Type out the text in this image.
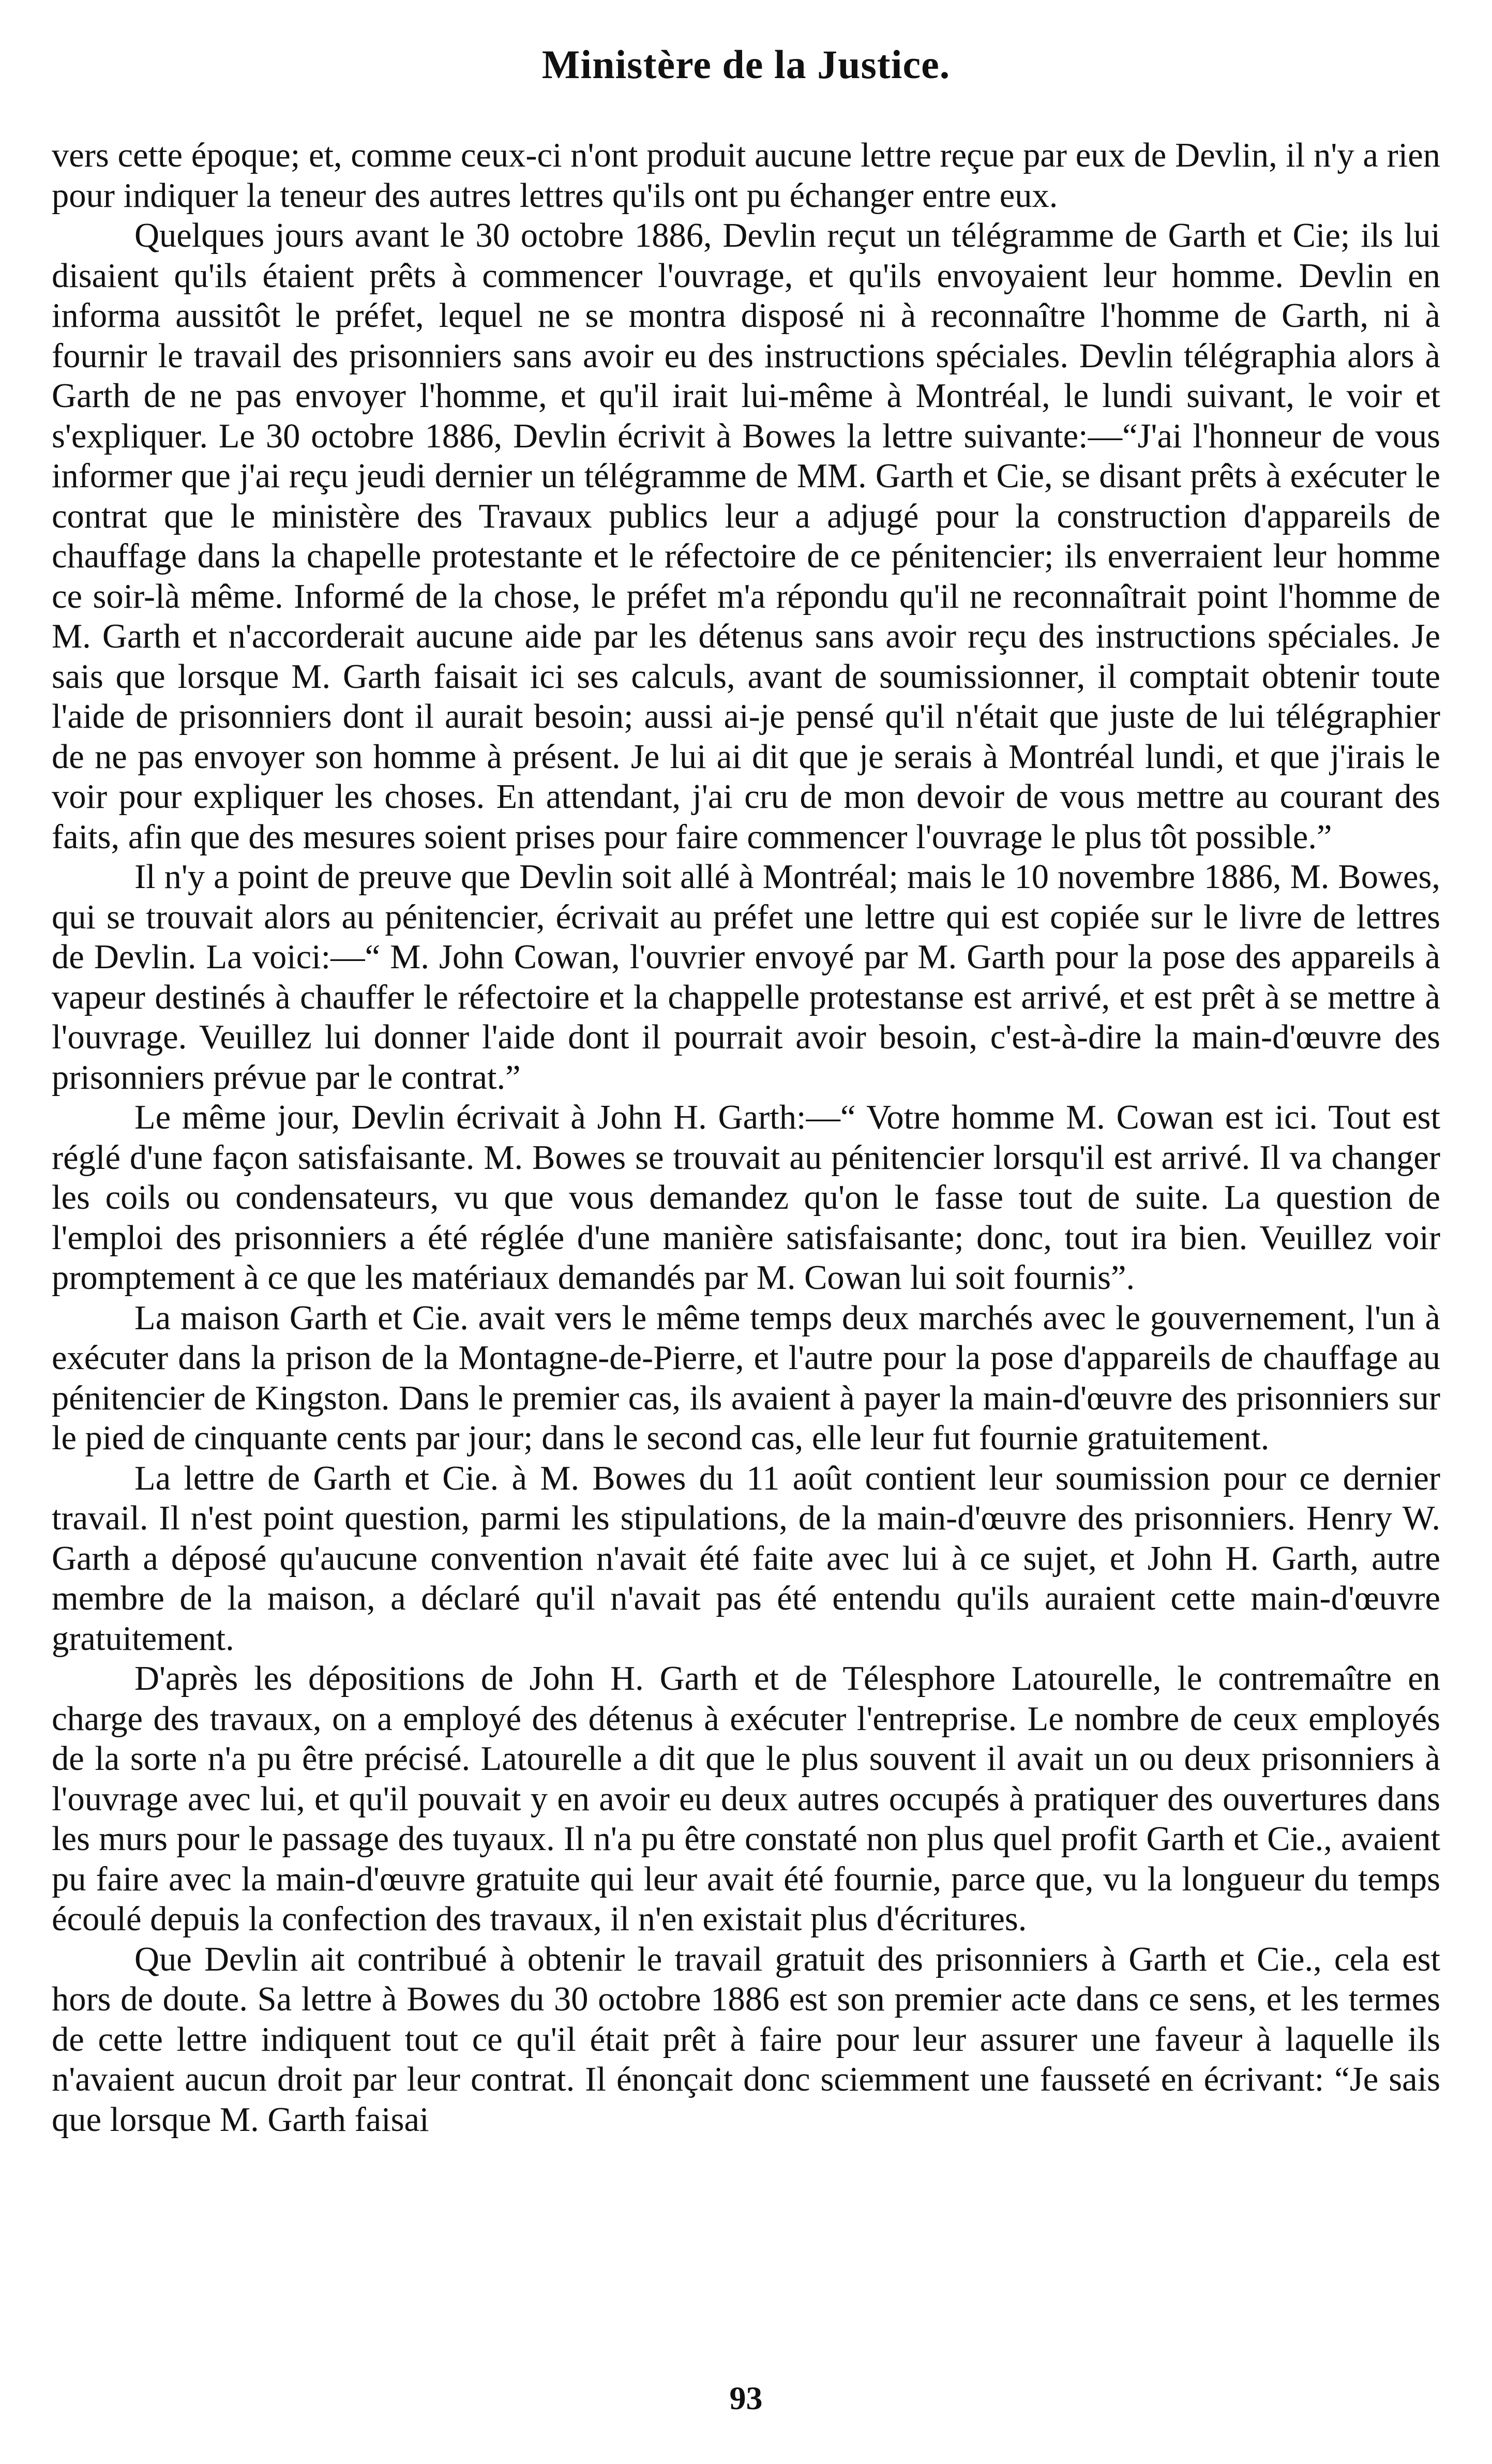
Ministère de la Justice.

vers cette époque; et, comme ceux-ci n'ont produit aucune lettre reçue par eux de Devlin, il n'y a rien pour indiquer la teneur des autres lettres qu'ils ont pu échanger entre eux.

Quelques jours avant le 30 octobre 1886, Devlin reçut un télégramme de Garth et Cie; ils lui disaient qu'ils étaient prêts à commencer l'ouvrage, et qu'ils envoyaient leur homme. Devlin en informa aussitôt le préfet, lequel ne se montra disposé ni à reconnaître l'homme de Garth, ni à fournir le travail des prisonniers sans avoir eu des instructions spéciales. Devlin télégraphia alors à Garth de ne pas envoyer l'homme, et qu'il irait lui-même à Montréal, le lundi suivant, le voir et s'expliquer. Le 30 octobre 1886, Devlin écrivit à Bowes la lettre suivante:—“J'ai l'honneur de vous informer que j'ai reçu jeudi dernier un télégramme de MM. Garth et Cie, se disant prêts à exécuter le contrat que le ministère des Travaux publics leur a adjugé pour la construction d'appareils de chauffage dans la chapelle protestante et le réfectoire de ce pénitencier; ils enverraient leur homme ce soir-là même. Informé de la chose, le préfet m'a répondu qu'il ne reconnaîtrait point l'homme de M. Garth et n'accorderait aucune aide par les détenus sans avoir reçu des instructions spéciales. Je sais que lorsque M. Garth faisait ici ses calculs, avant de soumissionner, il comptait obtenir toute l'aide de prisonniers dont il aurait besoin; aussi ai-je pensé qu'il n'était que juste de lui télégraphier de ne pas envoyer son homme à présent. Je lui ai dit que je serais à Montréal lundi, et que j'irais le voir pour expliquer les choses. En attendant, j'ai cru de mon devoir de vous mettre au courant des faits, afin que des mesures soient prises pour faire commencer l'ouvrage le plus tôt possible.”

Il n'y a point de preuve que Devlin soit allé à Montréal; mais le 10 novembre 1886, M. Bowes, qui se trouvait alors au pénitencier, écrivait au préfet une lettre qui est copiée sur le livre de lettres de Devlin. La voici:—“ M. John Cowan, l'ouvrier envoyé par M. Garth pour la pose des appareils à vapeur destinés à chauffer le réfectoire et la chappelle protestanse est arrivé, et est prêt à se mettre à l'ouvrage. Veuillez lui donner l'aide dont il pourrait avoir besoin, c'est-à-dire la main-d'œuvre des prisonniers prévue par le contrat.”

Le même jour, Devlin écrivait à John H. Garth:—“ Votre homme M. Cowan est ici. Tout est réglé d'une façon satisfaisante. M. Bowes se trouvait au pénitencier lorsqu'il est arrivé. Il va changer les coils ou condensateurs, vu que vous demandez qu'on le fasse tout de suite. La question de l'emploi des prisonniers a été réglée d'une manière satisfaisante; donc, tout ira bien. Veuillez voir promptement à ce que les matériaux demandés par M. Cowan lui soit fournis”.

La maison Garth et Cie. avait vers le même temps deux marchés avec le gouvernement, l'un à exécuter dans la prison de la Montagne-de-Pierre, et l'autre pour la pose d'appareils de chauffage au pénitencier de Kingston. Dans le premier cas, ils avaient à payer la main-d'œuvre des prisonniers sur le pied de cinquante cents par jour; dans le second cas, elle leur fut fournie gratuitement.

La lettre de Garth et Cie. à M. Bowes du 11 août contient leur soumission pour ce dernier travail. Il n'est point question, parmi les stipulations, de la main-d'œuvre des prisonniers. Henry W. Garth a déposé qu'aucune convention n'avait été faite avec lui à ce sujet, et John H. Garth, autre membre de la maison, a déclaré qu'il n'avait pas été entendu qu'ils auraient cette main-d'œuvre gratuitement.

D'après les dépositions de John H. Garth et de Télesphore Latourelle, le contremaître en charge des travaux, on a employé des détenus à exécuter l'entreprise. Le nombre de ceux employés de la sorte n'a pu être précisé. Latourelle a dit que le plus souvent il avait un ou deux prisonniers à l'ouvrage avec lui, et qu'il pouvait y en avoir eu deux autres occupés à pratiquer des ouvertures dans les murs pour le passage des tuyaux. Il n'a pu être constaté non plus quel profit Garth et Cie., avaient pu faire avec la main-d'œuvre gratuite qui leur avait été fournie, parce que, vu la longueur du temps écoulé depuis la confection des travaux, il n'en existait plus d'écritures.

Que Devlin ait contribué à obtenir le travail gratuit des prisonniers à Garth et Cie., cela est hors de doute. Sa lettre à Bowes du 30 octobre 1886 est son premier acte dans ce sens, et les termes de cette lettre indiquent tout ce qu'il était prêt à faire pour leur assurer une faveur à laquelle ils n'avaient aucun droit par leur contrat. Il énonçait donc sciemment une fausseté en écrivant: “Je sais que lorsque M. Garth faisai

93
